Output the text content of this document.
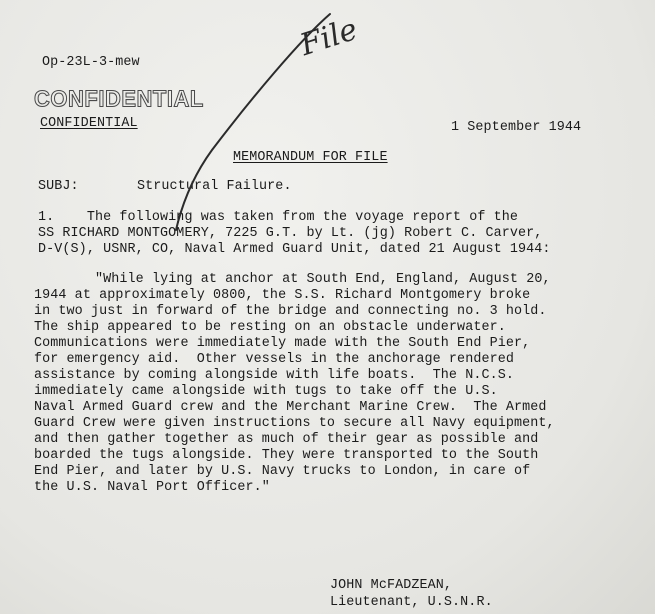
Op-23L-3-mew
CONFIDENTIAL
CONFIDENTIAL	1 September 1944
MEMORANDUM FOR FILE
SUBJ:	Structural Failure.
1.    The following was taken from the voyage report of the
SS RICHARD MONTGOMERY, 7225 G.T. by Lt. (jg) Robert C. Carver,
D-V(S), USNR, CO, Naval Armed Guard Unit, dated 21 August 1944:
"While lying at anchor at South End, England, August 20,
1944 at approximately 0800, the S.S. Richard Montgomery broke
in two just in forward of the bridge and connecting no. 3 hold.
The ship appeared to be resting on an obstacle underwater.
Communications were immediately made with the South End Pier,
for emergency aid.  Other vessels in the anchorage rendered
assistance by coming alongside with life boats.  The N.C.S.
immediately came alongside with tugs to take off the U.S.
Naval Armed Guard crew and the Merchant Marine Crew.  The Armed
Guard Crew were given instructions to secure all Navy equipment,
and then gather together as much of their gear as possible and
boarded the tugs alongside. They were transported to the South
End Pier, and later by U.S. Navy trucks to London, in care of
the U.S. Naval Port Officer."
JOHN McFADZEAN,
Lieutenant, U.S.N.R.
File
